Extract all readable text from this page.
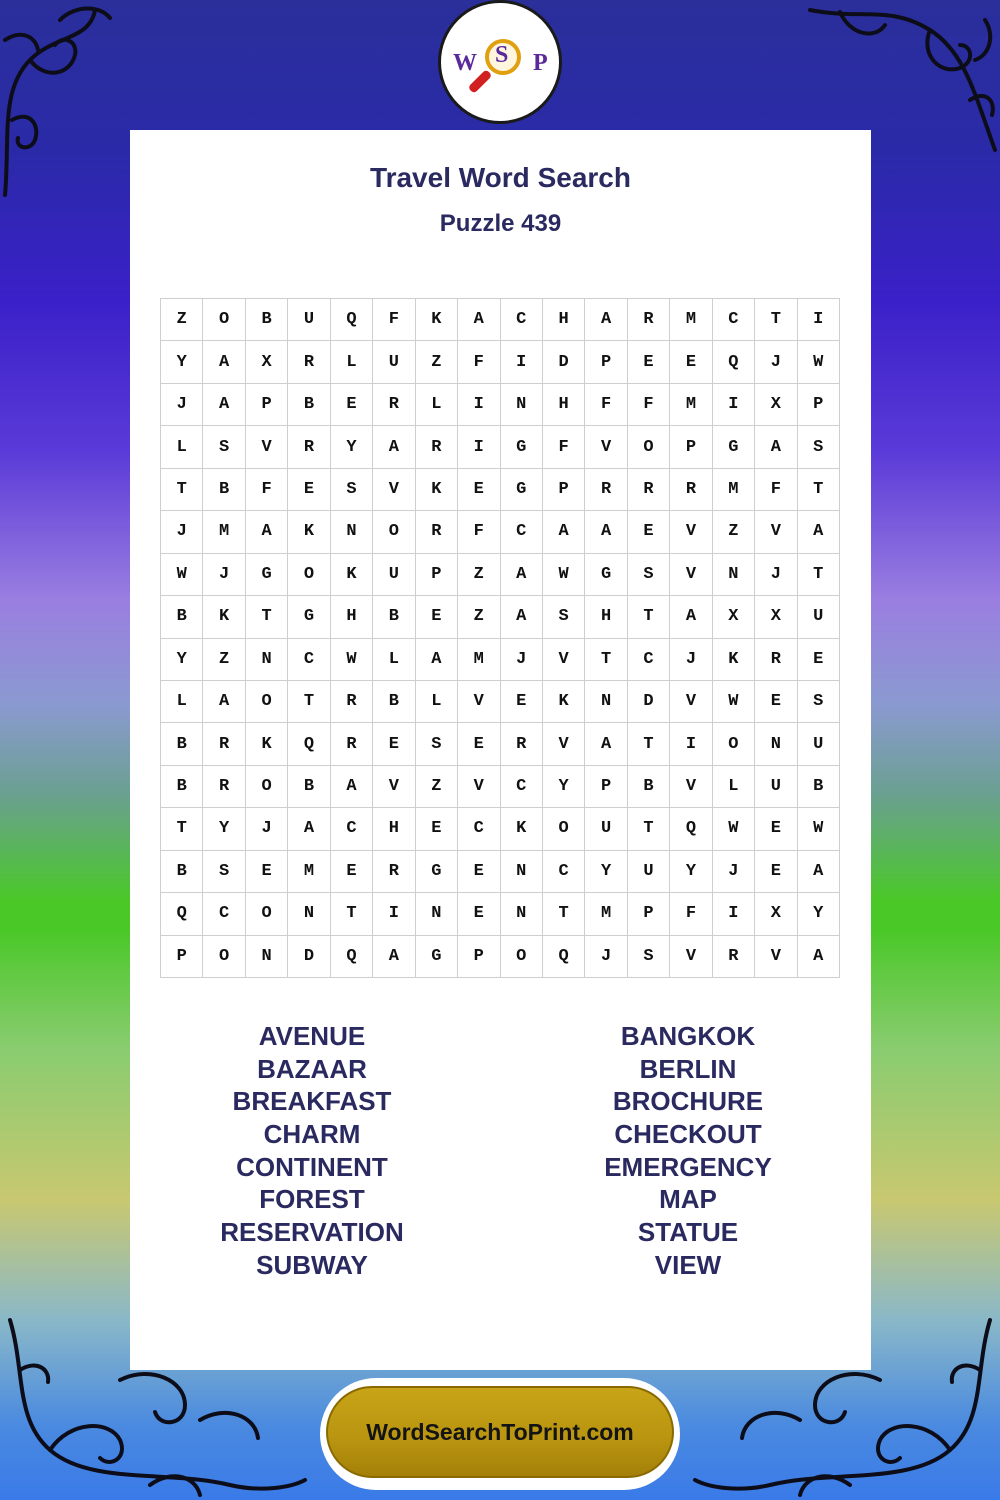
W S P
Travel Word Search
Puzzle 439
Z	O	B	U	Q	F	K	A	C	H	A	R	M	C	T	I
Y	A	X	R	L	U	Z	F	I	D	P	E	E	Q	J	W
J	A	P	B	E	R	L	I	N	H	F	F	M	I	X	P
L	S	V	R	Y	A	R	I	G	F	V	O	P	G	A	S
T	B	F	E	S	V	K	E	G	P	R	R	R	M	F	T
J	M	A	K	N	O	R	F	C	A	A	E	V	Z	V	A
W	J	G	O	K	U	P	Z	A	W	G	S	V	N	J	T
B	K	T	G	H	B	E	Z	A	S	H	T	A	X	X	U
Y	Z	N	C	W	L	A	M	J	V	T	C	J	K	R	E
L	A	O	T	R	B	L	V	E	K	N	D	V	W	E	S
B	R	K	Q	R	E	S	E	R	V	A	T	I	O	N	U
B	R	O	B	A	V	Z	V	C	Y	P	B	V	L	U	B
T	Y	J	A	C	H	E	C	K	O	U	T	Q	W	E	W
B	S	E	M	E	R	G	E	N	C	Y	U	Y	J	E	A
Q	C	O	N	T	I	N	E	N	T	M	P	F	I	X	Y
P	O	N	D	Q	A	G	P	O	Q	J	S	V	R	V	A
AVENUE
BAZAAR
BREAKFAST
CHARM
CONTINENT
FOREST
RESERVATION
SUBWAY
BANGKOK
BERLIN
BROCHURE
CHECKOUT
EMERGENCY
MAP
STATUE
VIEW
WordSearchToPrint.com
